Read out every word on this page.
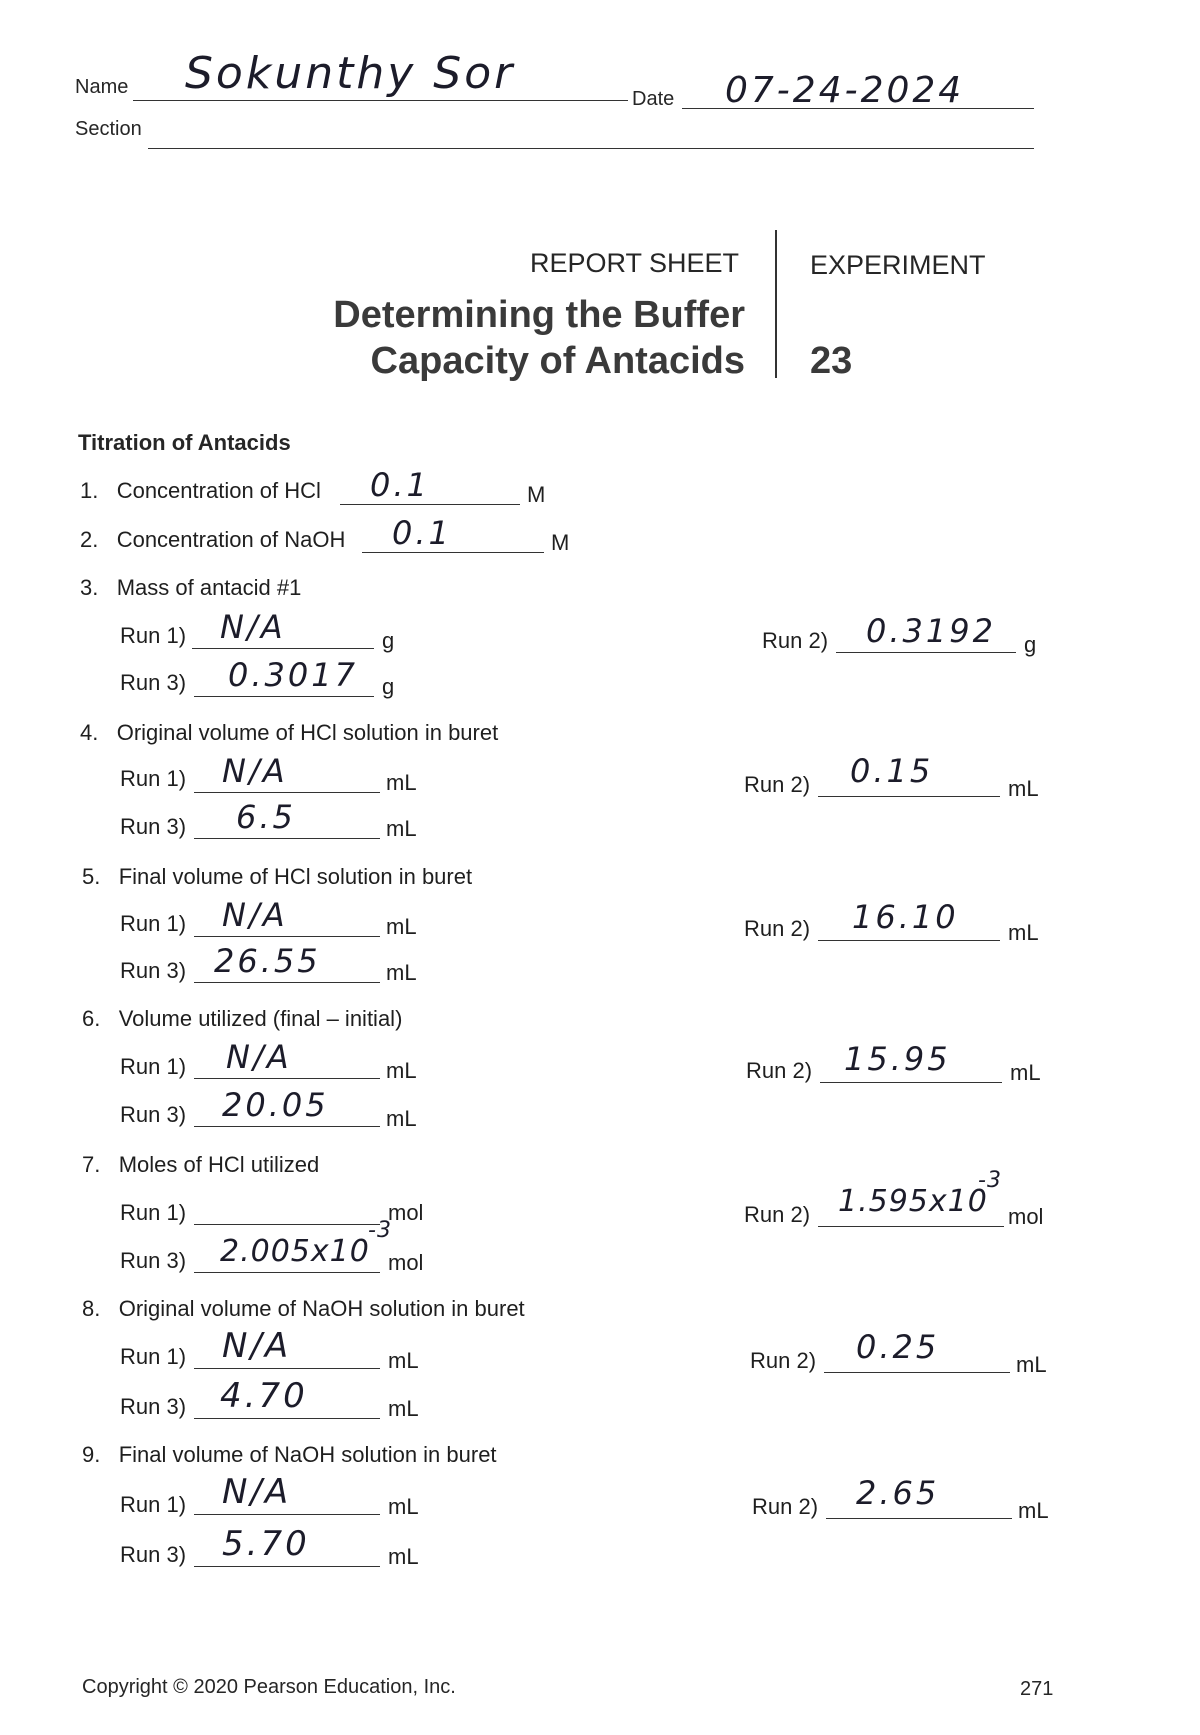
Name Sokunthy Sor	Date 07-24-2024
Section
REPORT SHEET	EXPERIMENT
Determining the Buffer
Capacity of Antacids 23
Titration of Antacids
1. Concentration of HCl 0.1	M
2. Concentration of NaOH 0.1	M
3. Mass of antacid #1
Run 1) N/A	g	Run 2) 0.3192 g
Run 3) 0.3017 g
4. Original volume of HCl solution in buret
Run 1) N/A	mL	Run 2) 0.15	mL
Run 3) 6.5	mL
5. Final volume of HCl solution in buret
Run 1) N/A	mL	Run 2) 16.10 mL
Run 3) 26.55	mL
6. Volume utilized (final – initial)
Run 1) N/A	mL	Run 2) 15.95	mL
Run 3) 20.05	mL
7. Moles of HCl utilized
Run 1)	mol	Run 2) 1.595x10
-3
mol
Run 3) 2.005x10
-3
mol
8. Original volume of NaOH solution in buret
Run 1) N/A	mL	Run 2) 0.25	mL
Run 3) 4.70	mL
9. Final volume of NaOH solution in buret
Run 1) N/A	mL	Run 2) 2.65	mL
Run 3) 5.70	mL
Copyright © 2020 Pearson Education, Inc.	271
